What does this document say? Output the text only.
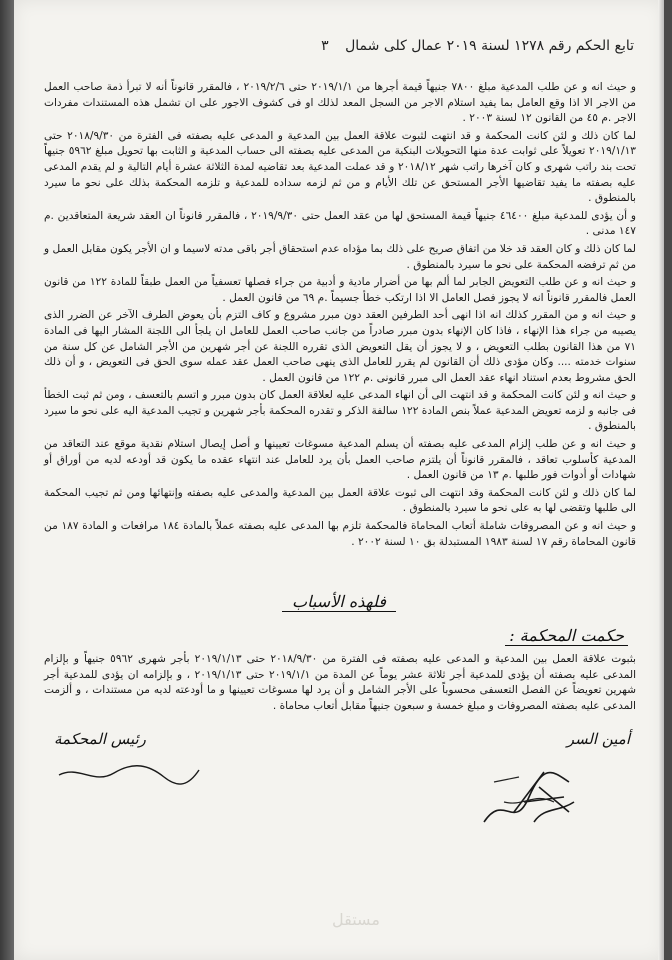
تابع الحكم رقم ١٢٧٨ لسنة ٢٠١٩ عمال كلى شمال ٣

و حيث انه و عن طلب المدعية مبلغ ٧٨٠٠ جنيهاً قيمة أجرها من ٢٠١٩/١/١ حتى ٢٠١٩/٢/٦ ، فالمقرر قانوناً أنه لا تبرأ ذمة صاحب العمل من الاجر الا اذا وقع العامل بما يفيد استلام الاجر من السجل المعد لذلك او فى كشوف الاجور على ان تشمل هذه المستندات مفردات الاجر .م ٤٥ من القانون ١٢ لسنة ٢٠٠٣ .

لما كان ذلك و لئن كانت المحكمة و قد انتهت لثبوت علاقة العمل بين المدعية و المدعى عليه بصفته فى الفترة من ٢٠١٨/٩/٣٠ حتى ٢٠١٩/١/١٣ تعويلاً على ثوابت عدة منها التحويلات البنكية من المدعى عليه بصفته الى حساب المدعية و الثابت بها تحويل مبلغ ٥٩٦٢ جنيهاً تحت بند راتب شهرى و كان آخرها راتب شهر ٢٠١٨/١٢ و قد عملت المدعية بعد تقاضيه لمدة الثلاثة عشرة أيام التالية و لم يقدم المدعى عليه بصفته ما يفيد تقاضيها الأجر المستحق عن تلك الأيام و من ثم لزمه سداده للمدعية و تلزمه المحكمة بذلك على نحو ما سيرد بالمنطوق .

و أن يؤدى للمدعية مبلغ ٤٦٤٠٠ جنيهاً قيمة المستحق لها من عقد العمل حتى ٢٠١٩/٩/٣٠ ، فالمقرر قانوناً ان العقد شريعة المتعاقدين .م ١٤٧ مدنى .

لما كان ذلك و كان العقد قد خلا من اتفاق صريح على ذلك بما مؤداه عدم استحقاق أجر باقى مدته لاسيما و ان الأجر يكون مقابل العمل و من ثم ترفضه المحكمة على نحو ما سيرد بالمنطوق .

و حيث انه و عن طلب التعويض الجابر لما ألم بها من أضرار مادية و أدبية من جراء فصلها تعسفياً من العمل طبقاً للمادة ١٢٢ من قانون العمل فالمقرر قانوناً انه لا يجوز فصل العامل الا اذا ارتكب خطأ جسيماً .م ٦٩ من قانون العمل .

و حيث انه و من المقرر كذلك انه اذا انهى أحد الطرفين العقد دون مبرر مشروع و كاف التزم بأن يعوض الطرف الآخر عن الضرر الذى يصيبه من جراء هذا الإنهاء ، فاذا كان الإنهاء بدون مبرر صادراً من جانب صاحب العمل للعامل ان يلجأ الى اللجنة المشار اليها فى المادة ٧١ من هذا القانون بطلب التعويض ، و لا يجوز أن يقل التعويض الذى تقرره اللجنة عن أجر شهرين من الأجر الشامل عن كل سنة من سنوات خدمته .... وكان مؤدى ذلك أن القانون لم يقرر للعامل الذى ينهى صاحب العمل عقد عمله سوى الحق فى التعويض ، و أن ذلك الحق مشروط بعدم استناد انهاء عقد العمل الى مبرر قانونى .م ١٢٢ من قانون العمل .

و حيث انه و لئن كانت المحكمة و قد انتهت الى أن انهاء المدعى عليه لعلاقة العمل كان بدون مبرر و اتسم بالتعسف ، ومن ثم ثبت الخطأ فى جانبه و لزمه تعويض المدعية عملاً بنص المادة ١٢٢ سالفة الذكر و تقدره المحكمة بأجر شهرين و تجيب المدعية اليه على نحو ما سيرد بالمنطوق .

و حيث انه و عن طلب إلزام المدعى عليه بصفته أن يسلم المدعية مسوغات تعيينها و أصل إيصال استلام نقدية موقع عند التعاقد من المدعية كأسلوب تعاقد ، فالمقرر قانوناً أن يلتزم صاحب العمل بأن يرد للعامل عند انتهاء عقده ما يكون قد أودعه لديه من أوراق أو شهادات أو أدوات فور طلبها .م ١٣ من قانون العمل .

لما كان ذلك و لئن كانت المحكمة وقد انتهت الى ثبوت علاقة العمل بين المدعية والمدعى عليه بصفته وإنتهائها ومن ثم تجيب المحكمة الى طلبها وتقضى لها به على نحو ما سيرد بالمنطوق .

و حيث انه و عن المصروفات شاملة أتعاب المحاماة فالمحكمة تلزم بها المدعى عليه بصفته عملاً بالمادة ١٨٤ مرافعات و المادة ١٨٧ من قانون المحاماة رقم ١٧ لسنة ١٩٨٣ المستبدلة بق ١٠ لسنة ٢٠٠٢ .

فلهذه الأسباب
حكمت المحكمة :

بثبوت علاقة العمل بين المدعية و المدعى عليه بصفته فى الفترة من ٢٠١٨/٩/٣٠ حتى ٢٠١٩/١/١٣ بأجر شهرى ٥٩٦٢ جنيهاً و بإلزام المدعى عليه بصفته أن يؤدى للمدعية أجر ثلاثة عشر يوماً عن المدة من ٢٠١٩/١/١ حتى ٢٠١٩/١/١٣ ، و بإلزامه ان يؤدى للمدعية أجر شهرين تعويضاً عن الفصل التعسفى محسوباً على الأجر الشامل و أن يرد لها مسوغات تعيينها و ما أودعته لديه من مستندات ، و ألزمت المدعى عليه بصفته المصروفات و مبلغ خمسة و سبعون جنيهاً مقابل أتعاب محاماة .

رئيس المحكمة	أمين السر
مستقل
